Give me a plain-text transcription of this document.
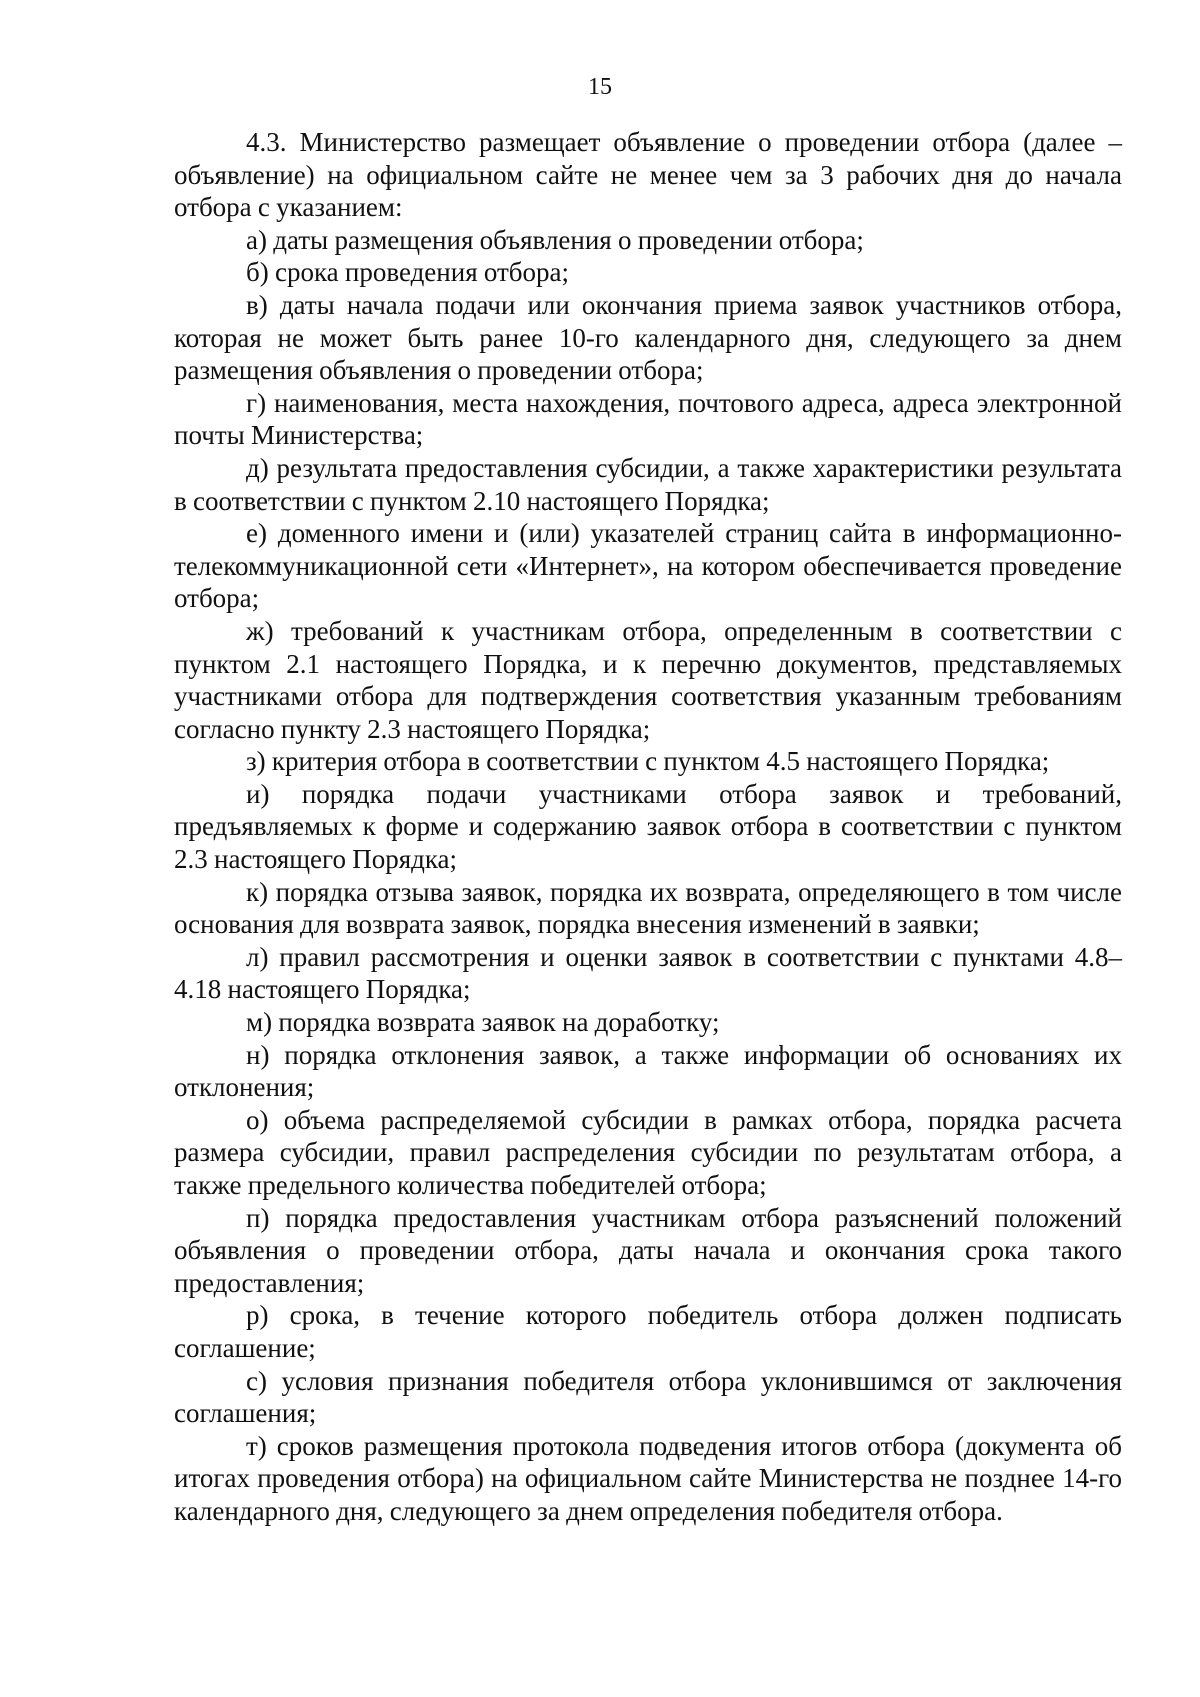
15

4.3. Министерство размещает объявление о проведении отбора (далее – объявление) на официальном сайте не менее чем за 3 рабочих дня до начала отбора с указанием:

а) даты размещения объявления о проведении отбора;

б) срока проведения отбора;

в) даты начала подачи или окончания приема заявок участников отбора, которая не может быть ранее 10-го календарного дня, следующего за днем размещения объявления о проведении отбора;

г) наименования, места нахождения, почтового адреса, адреса электронной почты Министерства;

д) результата предоставления субсидии, а также характеристики результата в соответствии с пунктом 2.10 настоящего Порядка;

е) доменного имени и (или) указателей страниц сайта в информационно-телекоммуникационной сети «Интернет», на котором обеспечивается проведение отбора;

ж) требований к участникам отбора, определенным в соответствии с пунктом 2.1 настоящего Порядка, и к перечню документов, представляемых участниками отбора для подтверждения соответствия указанным требованиям согласно пункту 2.3 настоящего Порядка;

з) критерия отбора в соответствии с пунктом 4.5 настоящего Порядка;

и) порядка подачи участниками отбора заявок и требований, предъявляемых к форме и содержанию заявок отбора в соответствии с пунктом 2.3 настоящего Порядка;

к) порядка отзыва заявок, порядка их возврата, определяющего в том числе основания для возврата заявок, порядка внесения изменений в заявки;

л) правил рассмотрения и оценки заявок в соответствии с пунктами 4.8–4.18 настоящего Порядка;

м) порядка возврата заявок на доработку;

н) порядка отклонения заявок, а также информации об основаниях их отклонения;

о) объема распределяемой субсидии в рамках отбора, порядка расчета размера субсидии, правил распределения субсидии по результатам отбора, а также предельного количества победителей отбора;

п) порядка предоставления участникам отбора разъяснений положений объявления о проведении отбора, даты начала и окончания срока такого предоставления;

р) срока, в течение которого победитель отбора должен подписать соглашение;

с) условия признания победителя отбора уклонившимся от заключения соглашения;

т) сроков размещения протокола подведения итогов отбора (документа об итогах проведения отбора) на официальном сайте Министерства не позднее 14-го календарного дня, следующего за днем определения победителя отбора.
